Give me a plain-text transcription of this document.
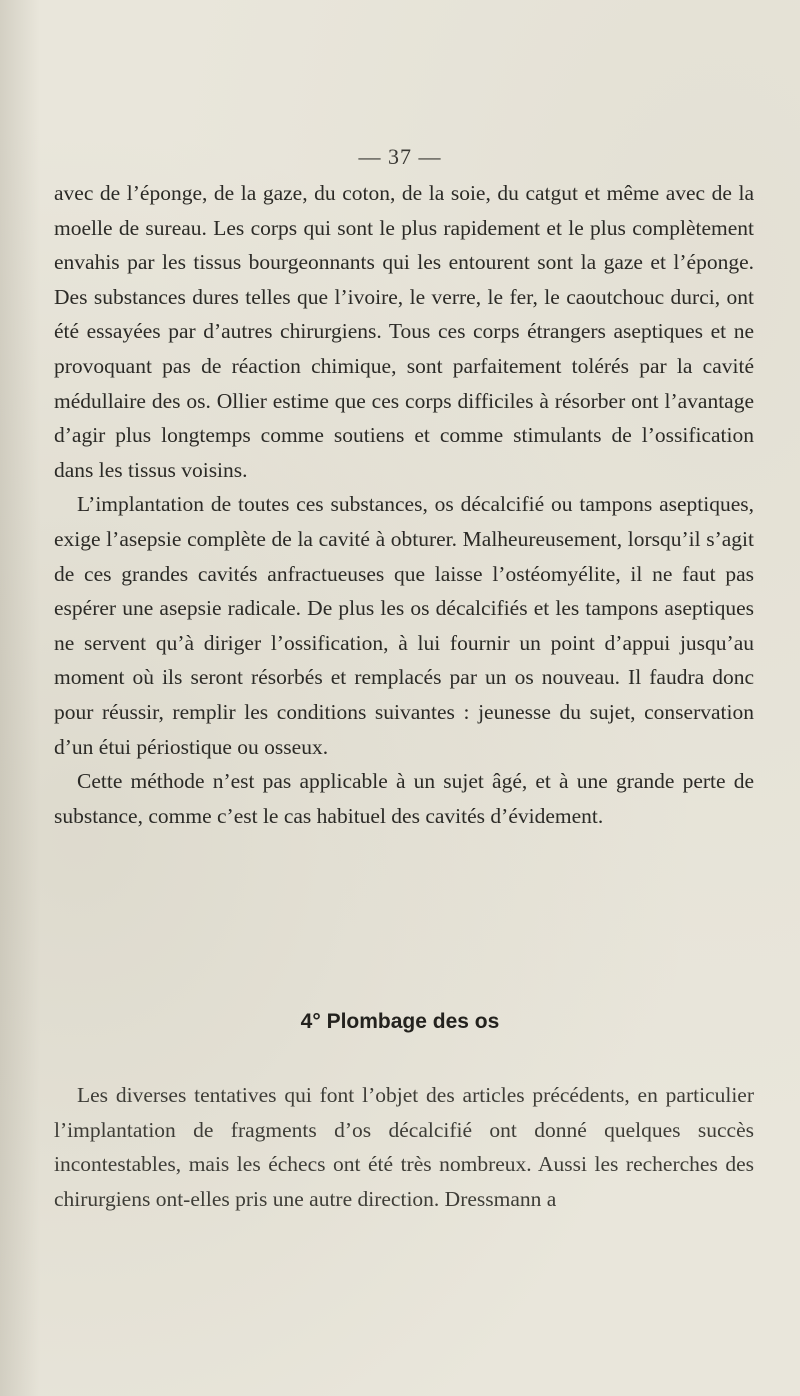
— 37 —

avec de l’éponge, de la gaze, du coton, de la soie, du catgut et même avec de la moelle de sureau. Les corps qui sont le plus rapidement et le plus complètement envahis par les tissus bourgeonnants qui les entourent sont la gaze et l’éponge. Des substances dures telles que l’ivoire, le verre, le fer, le caoutchouc durci, ont été essayées par d’autres chirurgiens. Tous ces corps étrangers aseptiques et ne provoquant pas de réaction chimique, sont parfaitement tolérés par la cavité médullaire des os. Ollier estime que ces corps difficiles à résorber ont l’avantage d’agir plus longtemps comme soutiens et comme stimulants de l’ossification dans les tissus voisins.

L’implantation de toutes ces substances, os décalcifié ou tampons aseptiques, exige l’asepsie complète de la cavité à obturer. Malheureusement, lorsqu’il s’agit de ces grandes cavités anfractueuses que laisse l’ostéomyélite, il ne faut pas espérer une asepsie radicale. De plus les os décalcifiés et les tampons aseptiques ne servent qu’à diriger l’ossification, à lui fournir un point d’appui jusqu’au moment où ils seront résorbés et remplacés par un os nouveau. Il faudra donc pour réussir, remplir les conditions suivantes : jeunesse du sujet, conservation d’un étui périostique ou osseux.

Cette méthode n’est pas applicable à un sujet âgé, et à une grande perte de substance, comme c’est le cas habituel des cavités d’évidement.

4° Plombage des os

Les diverses tentatives qui font l’objet des articles précédents, en particulier l’implantation de fragments d’os décalcifié ont donné quelques succès incontestables, mais les échecs ont été très nombreux. Aussi les recherches des chirurgiens ont-elles pris une autre direction. Dressmann a
